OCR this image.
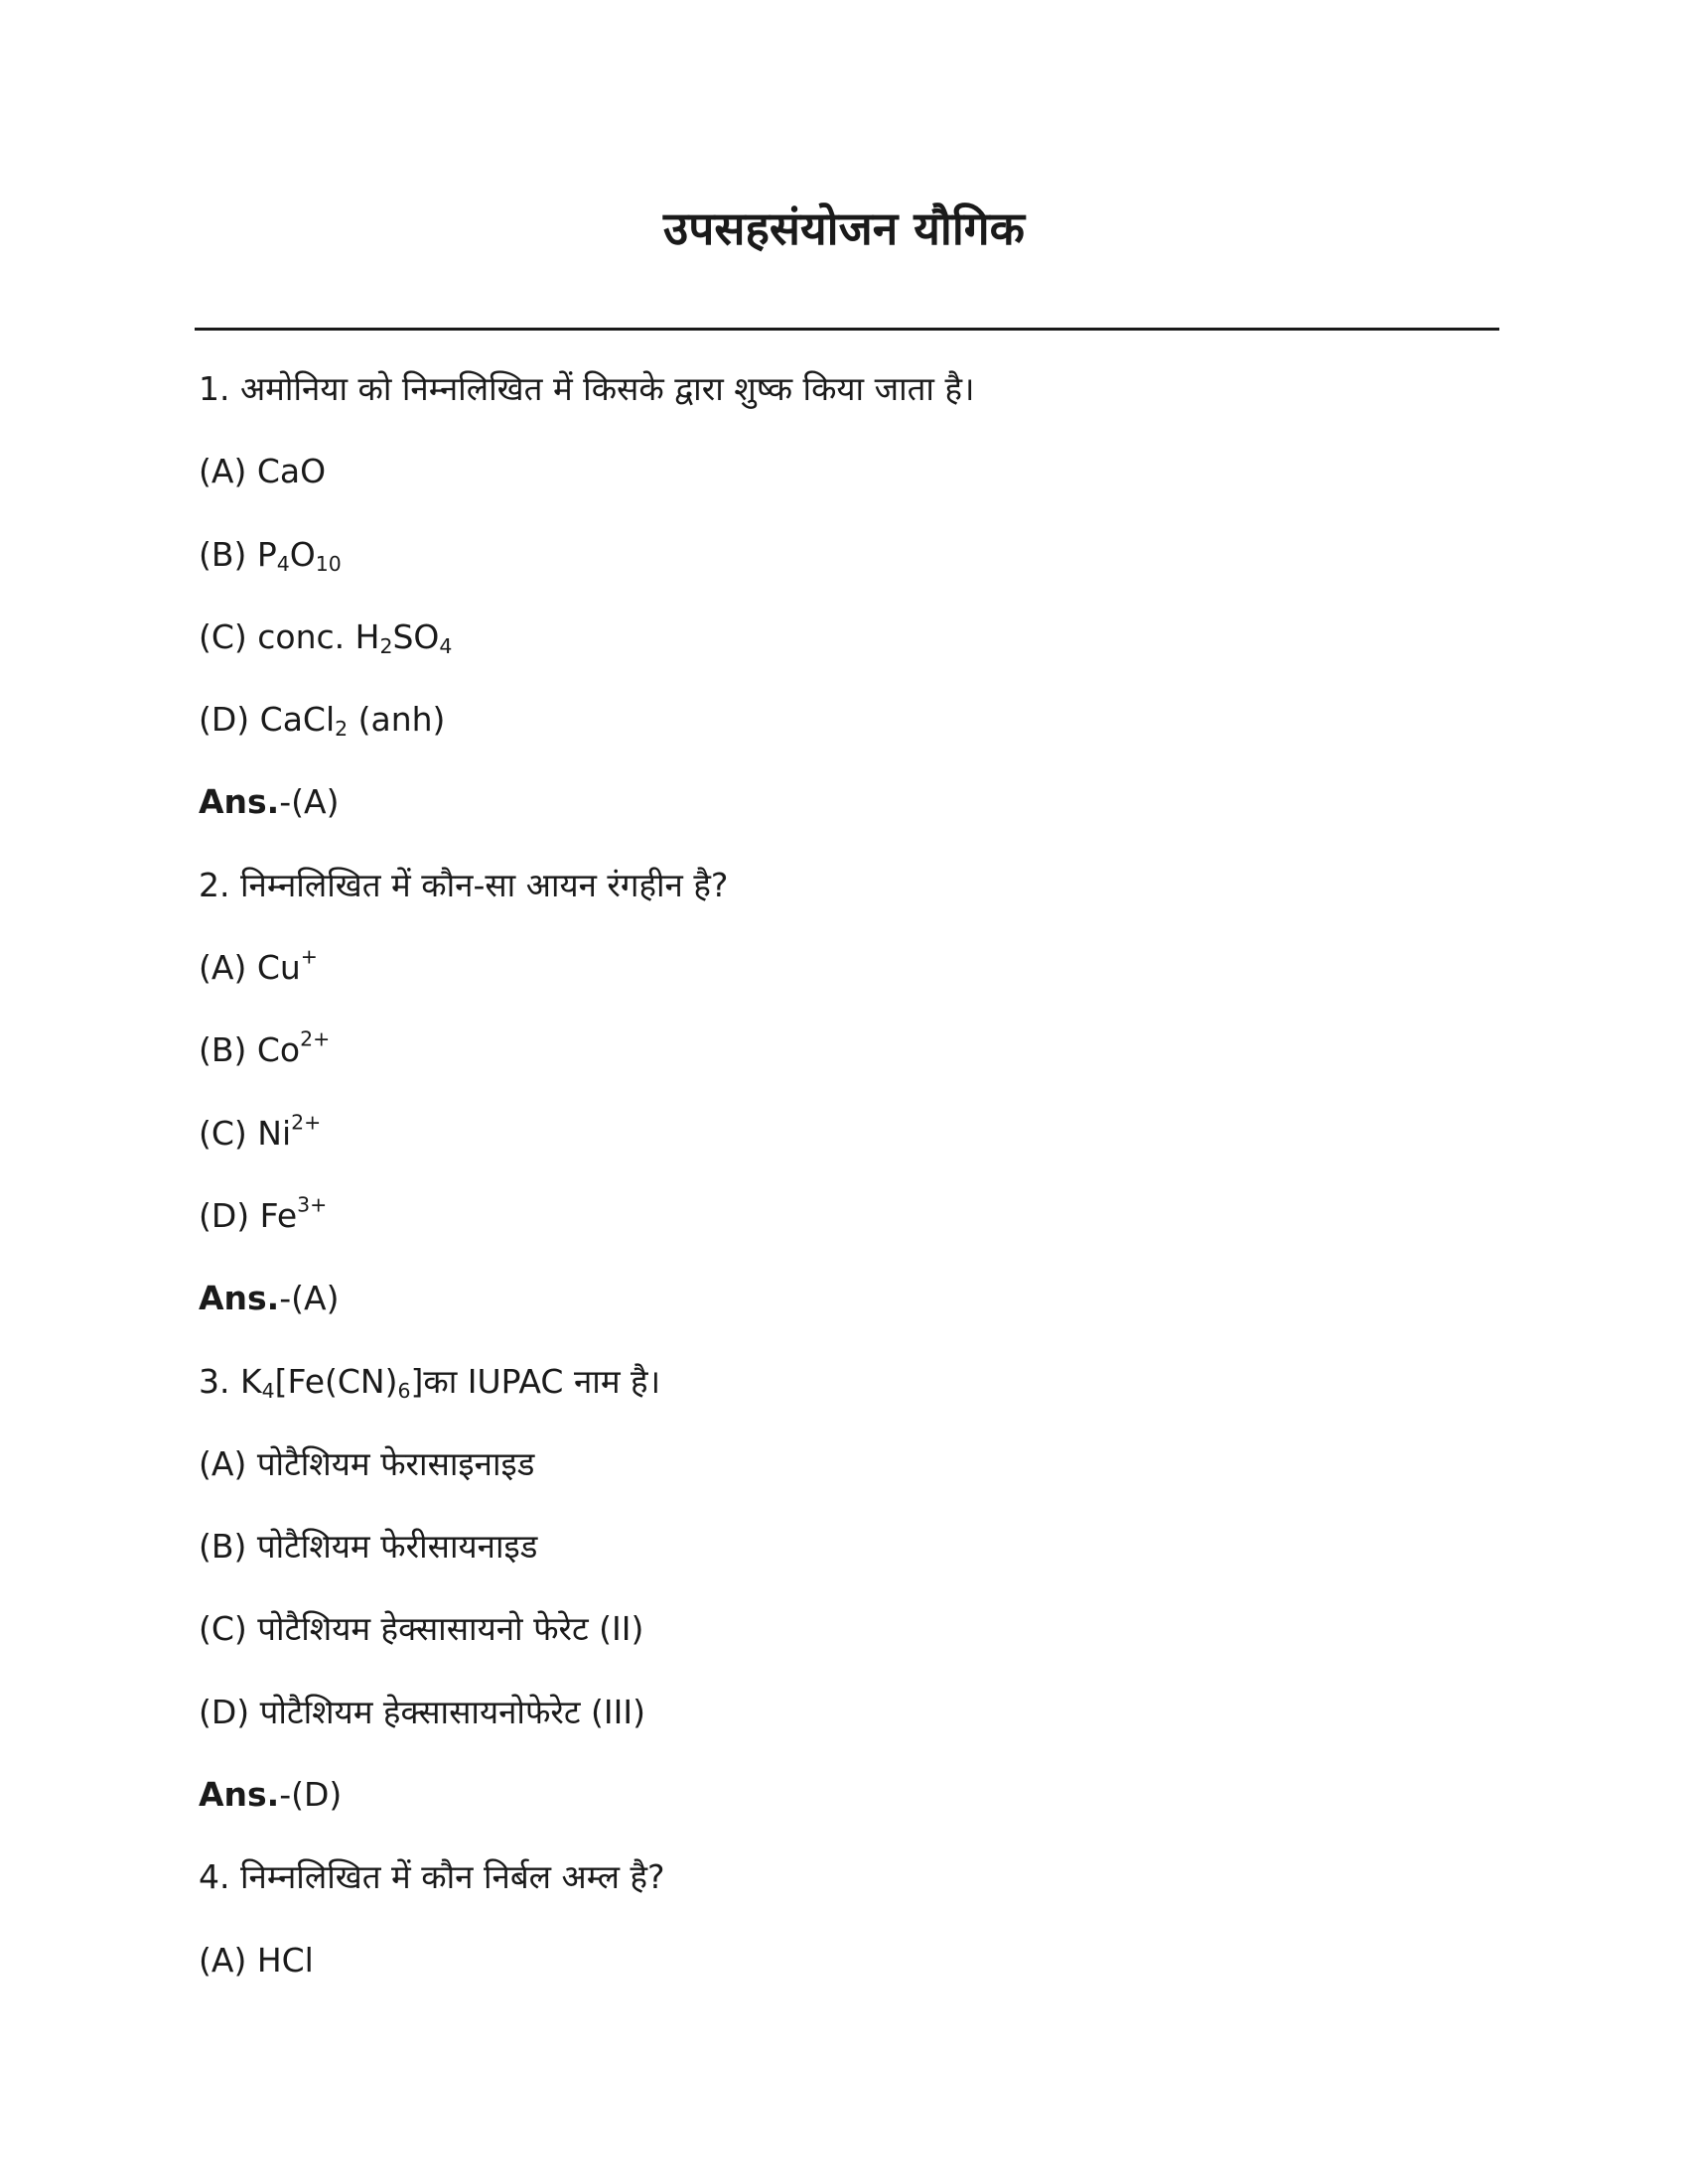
उपसहसंयोजन यौगिक
1. अमोनिया को निम्नलिखित में किसके द्वारा शुष्क किया जाता है।
(A) CaO
(B) $P_4O_{10}$
(C) conc. $H_2SO_4$
(D) CaCl$_2$ (anh)
Ans.-(A)
2. निम्नलिखित में कौन-सा आयन रंगहीन है?
(A) Cu+
(B) $Co^{2+}$
(C) $Ni^{2+}$
(D) $Fe^{3+}$
Ans.-(A)
3. $K_4[Fe(CN)_6]का$ IUPAC नाम है।
(A) पोटैशियम फेरासाइनाइड
(B) पोटैशियम फेरीसायनाइड
(C) पोटैशियम हेक्सासायनो फेरेट (II)
(D) पोटैशियम हेक्सासायनोफेरेट (III)
Ans.-(D)
4. निम्नलिखित में कौन निर्बल अम्ल है?
(A) HCl
